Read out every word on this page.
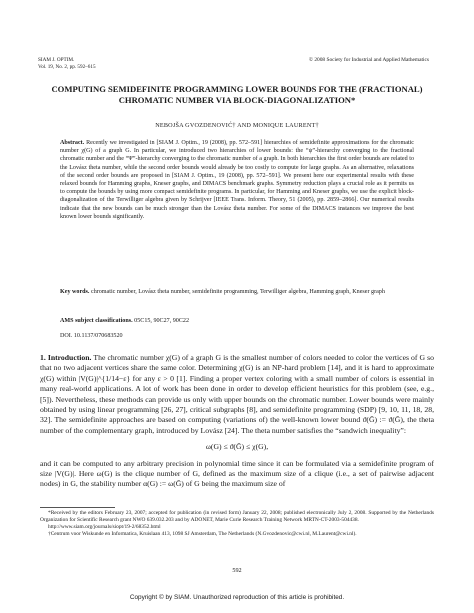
SIAM J. OPTIM.
Vol. 19, No. 2, pp. 592–615
© 2008 Society for Industrial and Applied Mathematics
COMPUTING SEMIDEFINITE PROGRAMMING LOWER BOUNDS FOR THE (FRACTIONAL) CHROMATIC NUMBER VIA BLOCK-DIAGONALIZATION*
NEBOJŠA GVOZDENOVIĆ† AND MONIQUE LAURENT†
Abstract. Recently we investigated in [SIAM J. Optim., 19 (2008), pp. 572–591] hierarchies of semidefinite approximations for the chromatic number χ(G) of a graph G. In particular, we introduced two hierarchies of lower bounds: the “ψ”-hierarchy converging to the fractional chromatic number and the “Ψ”-hierarchy converging to the chromatic number of a graph. In both hierarchies the first order bounds are related to the Lovász theta number, while the second order bounds would already be too costly to compute for large graphs. As an alternative, relaxations of the second order bounds are proposed in [SIAM J. Optim., 19 (2008), pp. 572–591]. We present here our experimental results with these relaxed bounds for Hamming graphs, Kneser graphs, and DIMACS benchmark graphs. Symmetry reduction plays a crucial role as it permits us to compute the bounds by using more compact semidefinite programs. In particular, for Hamming and Kneser graphs, we use the explicit block-diagonalization of the Terwilliger algebra given by Schrijver [IEEE Trans. Inform. Theory, 51 (2005), pp. 2859–2866]. Our numerical results indicate that the new bounds can be much stronger than the Lovász theta number. For some of the DIMACS instances we improve the best known lower bounds significantly.
Key words. chromatic number, Lovász theta number, semidefinite programming, Terwilliger algebra, Hamming graph, Kneser graph
AMS subject classifications. 05C15, 90C27, 90C22
DOI. 10.1137/070683520

1. Introduction. The chromatic number χ(G) of a graph G is the smallest number of colors needed to color the vertices of G so that no two adjacent vertices share the same color. Determining χ(G) is an NP-hard problem [14], and it is hard to approximate χ(G) within |V(G)|^{1/14−ε} for any ε > 0 [1]. Finding a proper vertex coloring with a small number of colors is essential in many real-world applications. A lot of work has been done in order to develop efficient heuristics for this problem (see, e.g., [5]). Nevertheless, these methods can provide us only with upper bounds on the chromatic number. Lower bounds were mainly obtained by using linear programming [26, 27], critical subgraphs [8], and semidefinite programming (SDP) [9, 10, 11, 18, 28, 32]. The semidefinite approaches are based on computing (variations of) the well-known lower bound ϑ(Ḡ) := ϑ(Ḡ), the theta number of the complementary graph, introduced by Lovász [24]. The theta number satisfies the “sandwich inequality”:

ω(G) ≤ ϑ(Ḡ) ≤ χ(G),

and it can be computed to any arbitrary precision in polynomial time since it can be formulated via a semidefinite program of size |V(G)|. Here ω(G) is the clique number of G, defined as the maximum size of a clique (i.e., a set of pairwise adjacent nodes) in G, the stability number α(G) := ω(Ḡ) of G being the maximum size of

*Received by the editors February 23, 2007; accepted for publication (in revised form) January 22, 2008; published electronically July 2, 2008. Supported by the Netherlands Organization for Scientific Research grant NWO 639.032.203 and by ADONET, Marie Curie Research Training Network MRTN-CT-2003-504438.

http://www.siam.org/journals/siopt/19-2/68352.html

†Centrum voor Wiskunde en Informatica, Kruislaan 413, 1098 SJ Amsterdam, The Netherlands (N.Gvozdenovic@cwi.nl, M.Laurent@cwi.nl).

592
Copyright © by SIAM. Unauthorized reproduction of this article is prohibited.
